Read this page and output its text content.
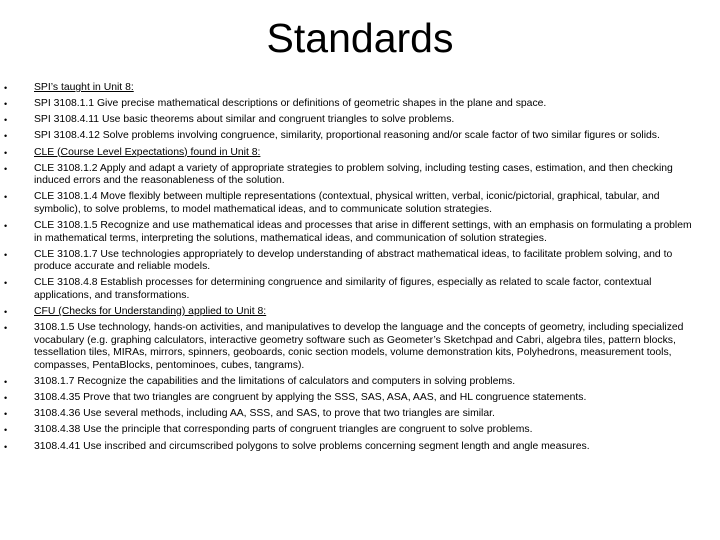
Standards
•	SPI’s taught in Unit 8:
•	SPI 3108.1.1 Give precise mathematical descriptions or definitions of geometric shapes in the plane and space.
•	SPI 3108.4.11 Use basic theorems about similar and congruent triangles to solve problems.
•	SPI 3108.4.12 Solve problems involving congruence, similarity, proportional reasoning and/or scale factor of two similar figures or solids.
•	CLE (Course Level Expectations) found in Unit 8:
•	CLE 3108.1.2 Apply and adapt a variety of appropriate strategies to problem solving, including testing cases, estimation, and then checking induced errors and the reasonableness of the solution.
•	CLE 3108.1.4 Move flexibly between multiple representations (contextual, physical written, verbal, iconic/pictorial, graphical, tabular, and symbolic), to solve problems, to model mathematical ideas, and to communicate solution strategies.
•	CLE 3108.1.5 Recognize and use mathematical ideas and processes that arise in different settings, with an emphasis on formulating a problem in mathematical terms, interpreting the solutions, mathematical ideas, and communication of solution strategies.
•	CLE 3108.1.7 Use technologies appropriately to develop understanding of abstract mathematical ideas, to facilitate problem solving, and to produce accurate and reliable models.
•	CLE 3108.4.8 Establish processes for determining congruence and similarity of figures, especially as related to scale factor, contextual applications, and transformations.
•	CFU (Checks for Understanding) applied to Unit 8:
•	3108.1.5 Use technology, hands-on activities, and manipulatives to develop the language and the concepts of geometry, including specialized vocabulary (e.g. graphing calculators, interactive geometry software such as Geometer’s Sketchpad and Cabri, algebra tiles, pattern blocks, tessellation tiles, MIRAs, mirrors, spinners, geoboards, conic section models, volume demonstration kits, Polyhedrons, measurement tools, compasses, PentaBlocks, pentominoes, cubes, tangrams).
•	3108.1.7 Recognize the capabilities and the limitations of calculators and computers in solving problems.
•	3108.4.35 Prove that two triangles are congruent by applying the SSS, SAS, ASA, AAS, and HL congruence statements.
•	3108.4.36 Use several methods, including AA, SSS, and SAS, to prove that two triangles are similar.
•	3108.4.38 Use the principle that corresponding parts of congruent triangles are congruent to solve problems.
•	3108.4.41 Use inscribed and circumscribed polygons to solve problems concerning segment length and angle measures.
